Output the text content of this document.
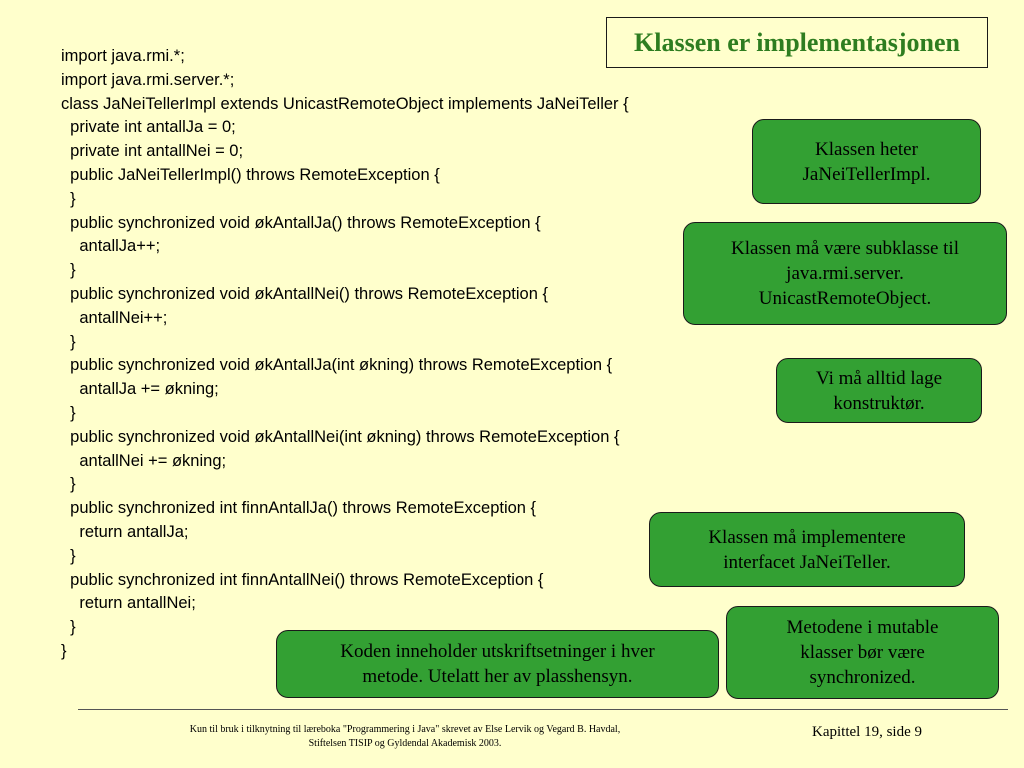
Klassen er implementasjonen
import java.rmi.*;
import java.rmi.server.*;
class JaNeiTellerImpl extends UnicastRemoteObject implements JaNeiTeller {
private int antallJa = 0;
private int antallNei = 0;
public JaNeiTellerImpl() throws RemoteException {
}
public synchronized void økAntallJa() throws RemoteException {
antallJa++;
}
public synchronized void økAntallNei() throws RemoteException {
antallNei++;
}
public synchronized void økAntallJa(int økning) throws RemoteException {
antallJa += økning;
}
public synchronized void økAntallNei(int økning) throws RemoteException {
antallNei += økning;
}
public synchronized int finnAntallJa() throws RemoteException {
return antallJa;
}
public synchronized int finnAntallNei() throws RemoteException {
return antallNei;
}
}
Klassen heter
JaNeiTellerImpl.
Klassen må være subklasse til
java.rmi.server.
UnicastRemoteObject.
Vi må alltid lage
konstruktør.
Klassen må implementere
interfacet JaNeiTeller.
Metodene i mutable
klasser bør være
synchronized.
Koden inneholder utskriftsetninger i hver
metode. Utelatt her av plasshensyn.
Kun til bruk i tilknytning til læreboka "Programmering i Java" skrevet av Else Lervik og Vegard B. Havdal,
Stiftelsen TISIP og Gyldendal Akademisk 2003.
Kapittel 19, side 9
